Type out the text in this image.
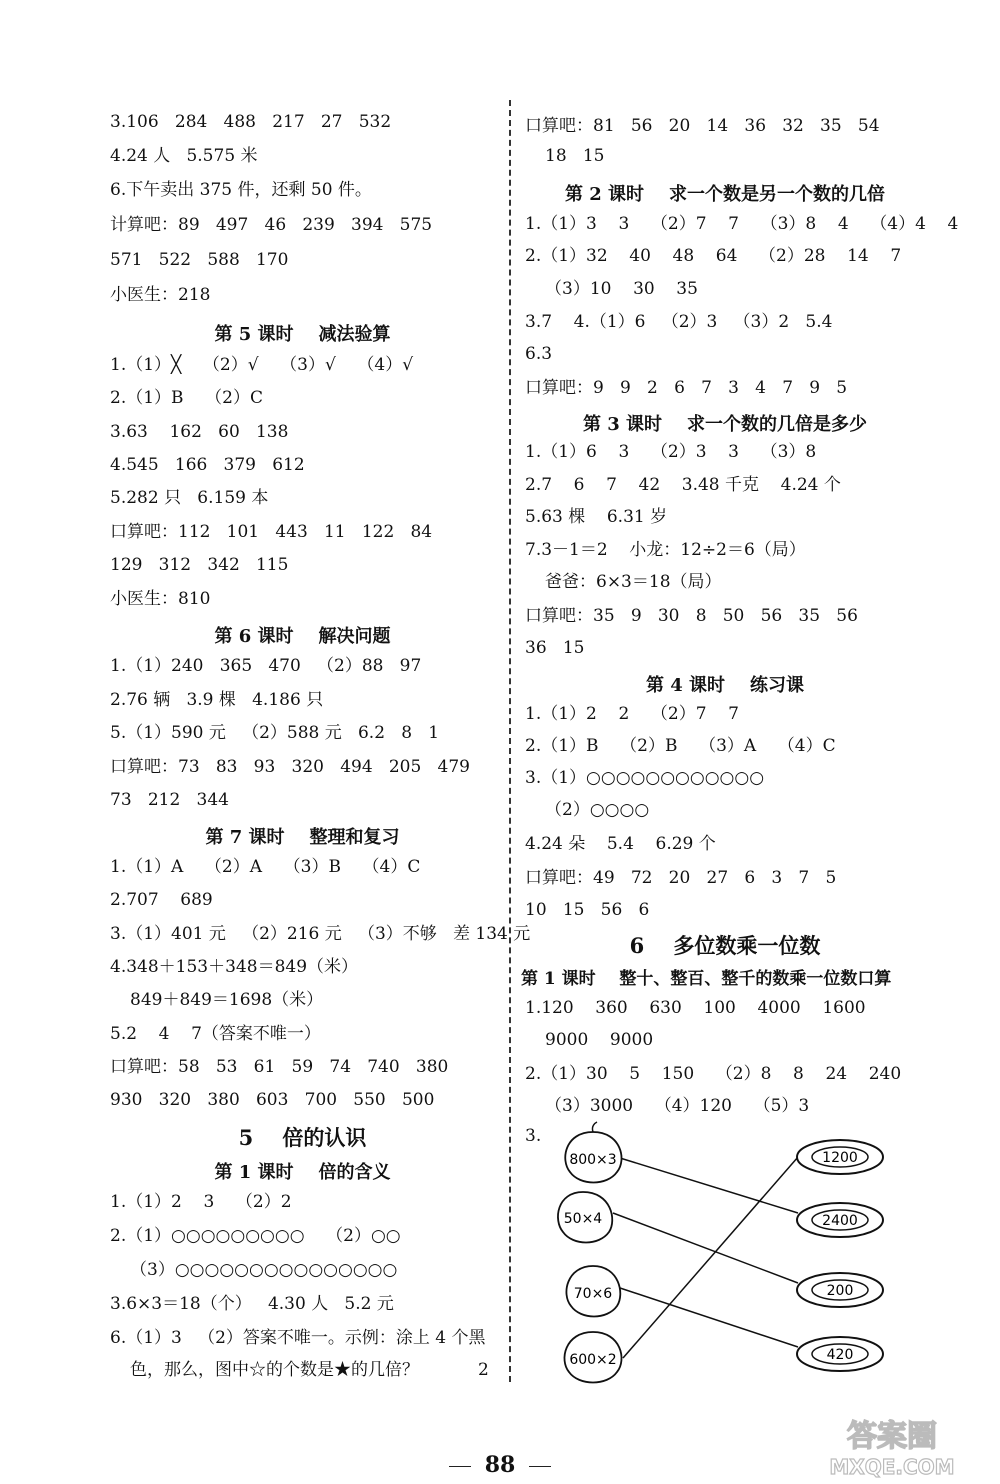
3.106   284   488   217   27   532
4.24 人   5.575 米
6.下午卖出 375 件，还剩 50 件。
计算吧：89   497   46   239   394   575
571   522   588   170
小医生：218
第 5 课时    减法验算
1.（1）╳    （2）√    （3）√    （4）√
2.（1）B    （2）C
3.63    162   60   138
4.545   166   379   612
5.282 只   6.159 本
口算吧：112   101   443   11   122   84
129   312   342   115
小医生：810
第 6 课时    解决问题
1.（1）240   365   470   （2）88   97
2.76 辆   3.9 棵   4.186 只
5.（1）590 元   （2）588 元   6.2   8   1
口算吧：73   83   93   320   494   205   479
73   212   344
第 7 课时    整理和复习
1.（1）A    （2）A    （3）B    （4）C
2.707    689
3.（1）401 元   （2）216 元   （3）不够   差 134 元
4.348＋153＋348＝849（米）
849＋849＝1698（米）
5.2    4    7（答案不唯一）
口算吧：58   53   61   59   74   740   380
930   320   380   603   700   550   500
5    倍的认识
第 1 课时    倍的含义
1.（1）2    3    （2）2
2.（1）○○○○○○○○○    （2）○○
（3）○○○○○○○○○○○○○○○
3.6×3＝18（个）   4.30 人   5.2 元
6.（1）3   （2）答案不唯一。示例：涂上 4 个黑
色，那么，图中☆的个数是★的几倍？	2
口算吧：81   56   20   14   36   32   35   54
18   15
第 2 课时    求一个数是另一个数的几倍
1.（1）3    3    （2）7    7    （3）8    4    （4）4    4
2.（1）32    40    48    64    （2）28    14    7
（3）10    30    35
3.7    4.（1）6   （2）3   （3）2   5.4
6.3
口算吧：9   9   2   6   7   3   4   7   9   5
第 3 课时    求一个数的几倍是多少
1.（1）6    3    （2）3    3    （3）8
2.7    6    7    42    3.48 千克    4.24 个
5.63 棵    6.31 岁
7.3－1＝2    小龙：12÷2＝6（局）
爸爸：6×3＝18（局）
口算吧：35   9   30   8   50   56   35   56
36   15
第 4 课时    练习课
1.（1）2    2    （2）7    7
2.（1）B    （2）B    （3）A    （4）C
3.（1）○○○○○○○○○○○○
（2）○○○○
4.24 朵    5.4    6.29 个
口算吧：49   72   20   27   6   3   7   5
10   15   56   6
6    多位数乘一位数
第 1 课时    整十、整百、整千的数乘一位数口算
1.120    360    630    100    4000    1600
9000    9000
2.（1）30    5    150    （2）8    8    24    240
（3）3000    （4）120    （5）3
3.
800×3
50×4
70×6
600×2
1200
2400
200
420
88
答案圈
MXQE.COM
